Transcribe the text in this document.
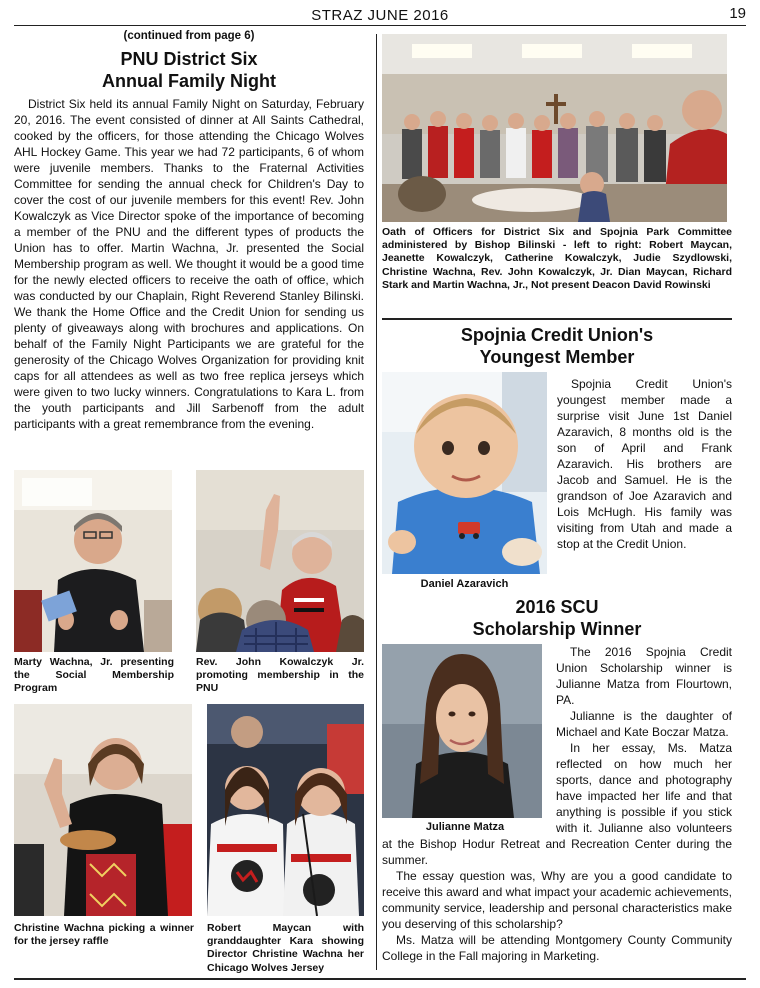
STRAZ JUNE 2016	19
(continued from page 6)
PNU District Six
Annual Family Night

District Six held its annual Family Night on Saturday, February 20, 2016. The event consisted of dinner at All Saints Cathedral, cooked by the officers, for those attending the Chicago Wolves AHL Hockey Game. This year we had 72 participants, 6 of whom were juvenile members. Thanks to the Fraternal Activities Committee for sending the annual check for Children's Day to cover the cost of our juvenile members for this event! Rev. John Kowalczyk as Vice Director spoke of the importance of becoming a member of the PNU and the different types of products the Union has to offer. Martin Wachna, Jr. presented the Social Membership program as well. We thought it would be a good time for the newly elected officers to receive the oath of office, which was conducted by our Chaplain, Right Reverend Stanley Bilinski. We thank the Home Office and the Credit Union for sending us plenty of giveaways along with brochures and applications. On behalf of the Family Night Participants we are grateful for the generosity of the Chicago Wolves Organization for providing knit caps for all attendees as well as two free replica jerseys which were given to two lucky winners. Congratulations to Kara L. from the youth participants and Jill Sarbenoff from the adult participants with a great remembrance from the evening.

Marty Wachna, Jr. presenting the Social Membership Program
Rev. John Kowalczyk Jr. promoting membership in the PNU
Christine Wachna picking a winner for the jersey raffle
Robert Maycan with granddaughter Kara showing Director Christine Wachna her Chicago Wolves Jersey
Oath of Officers for District Six and Spojnia Park Committee administered by Bishop Bilinski - left to right: Robert Maycan, Jeanette Kowalczyk, Catherine Kowalczyk, Judie Szydlowski, Christine Wachna, Rev. John Kowalczyk, Jr. Dian Maycan, Richard Stark and Martin Wachna, Jr., Not present Deacon David Rowinski
Spojnia Credit Union's
Youngest Member
Daniel Azaravich

Spojnia Credit Union's youngest member made a surprise visit June 1st Daniel Azaravich, 8 months old is the son of April and Frank Azaravich. His brothers are Jacob and Samuel. He is the grandson of Joe Azaravich and Lois McHugh. His family was visiting from Utah and made a stop at the Credit Union.

2016 SCU
Scholarship Winner
Julianne Matza

The 2016 Spojnia Credit Union Scholarship winner is Julianne Matza from Flourtown, PA.

Julianne is the daughter of Michael and Kate Boczar Matza.

In her essay, Ms. Matza reflected on how much her sports, dance and photography have impacted her life and that anything is possible if you stick with it. Julianne also volunteers at the Bishop Hodur Retreat and Recreation Center during the summer.

The essay question was, Why are you a good candidate to receive this award and what impact your academic achievements, community service, leadership and personal characteristics make you deserving of this scholarship?

Ms. Matza will be attending Montgomery County Community College in the Fall majoring in Marketing.
